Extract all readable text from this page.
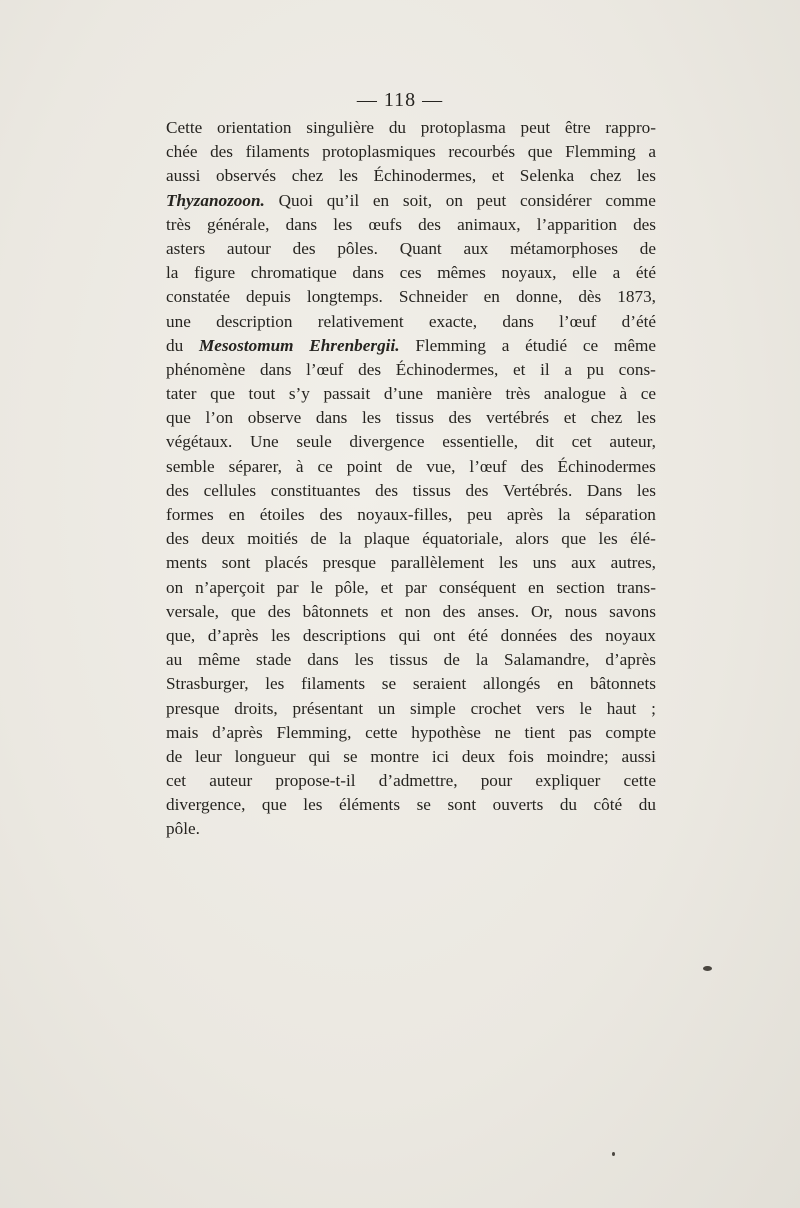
— 118 —
Cette orientation singulière du protoplasma peut être rappro-
chée des filaments protoplasmiques recourbés que Flemming a
aussi observés chez les Échinodermes, et Selenka chez les
Thyzanozoon. Quoi qu’il en soit, on peut considérer comme
très générale, dans les œufs des animaux, l’apparition des
asters autour des pôles. Quant aux métamorphoses de
la figure chromatique dans ces mêmes noyaux, elle a été
constatée depuis longtemps. Schneider en donne, dès 1873,
une description relativement exacte, dans l’œuf d’été
du Mesostomum Ehrenbergii. Flemming a étudié ce même
phénomène dans l’œuf des Échinodermes, et il a pu cons-
tater que tout s’y passait d’une manière très analogue à ce
que l’on observe dans les tissus des vertébrés et chez les
végétaux. Une seule divergence essentielle, dit cet auteur,
semble séparer, à ce point de vue, l’œuf des Échinodermes
des cellules constituantes des tissus des Vertébrés. Dans les
formes en étoiles des noyaux-filles, peu après la séparation
des deux moitiés de la plaque équatoriale, alors que les élé-
ments sont placés presque parallèlement les uns aux autres,
on n’aperçoit par le pôle, et par conséquent en section trans-
versale, que des bâtonnets et non des anses. Or, nous savons
que, d’après les descriptions qui ont été données des noyaux
au même stade dans les tissus de la Salamandre, d’après
Strasburger, les filaments se seraient allongés en bâtonnets
presque droits, présentant un simple crochet vers le haut ;
mais d’après Flemming, cette hypothèse ne tient pas compte
de leur longueur qui se montre ici deux fois moindre; aussi
cet auteur propose-t-il d’admettre, pour expliquer cette
divergence, que les éléments se sont ouverts du côté du
pôle.
